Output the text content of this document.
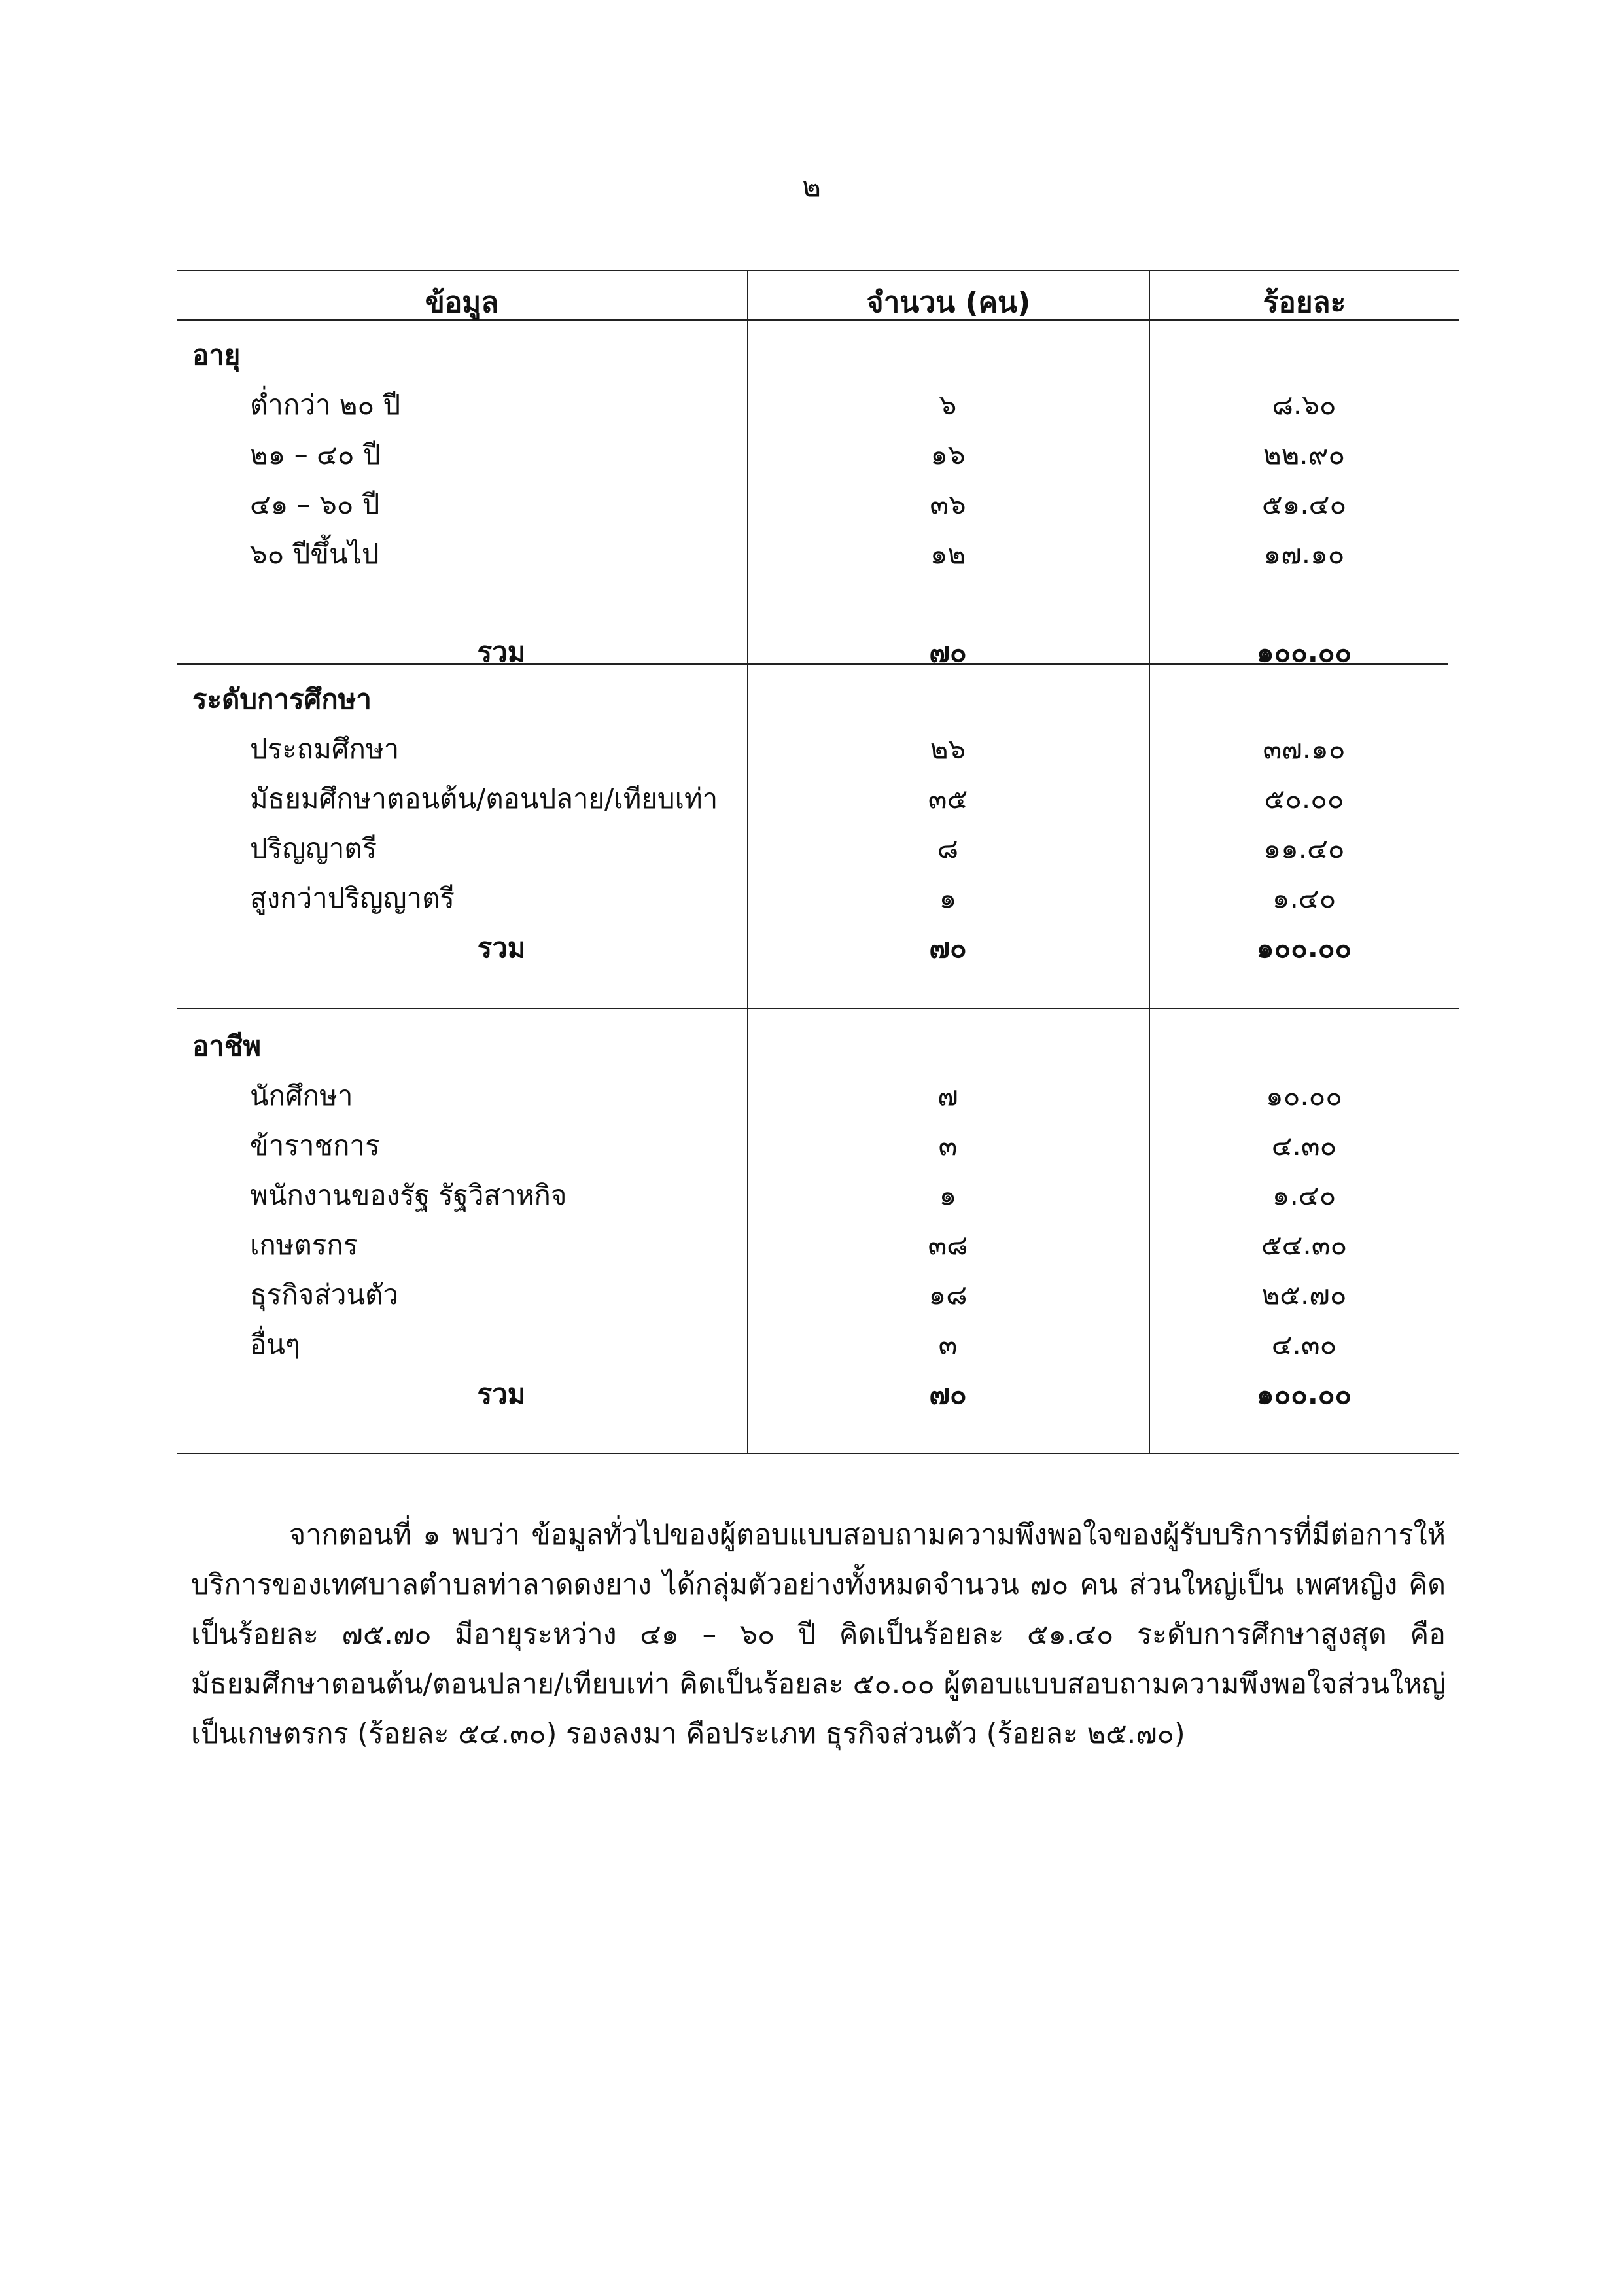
๒
ข้อมูล	จำนวน (คน)	ร้อยละ
อายุ
ต่ำกว่า ๒๐ ปี	๖	๘.๖๐
๒๑ – ๔๐ ปี	๑๖	๒๒.๙๐
๔๑ – ๖๐ ปี	๓๖	๕๑.๔๐
๖๐ ปีขึ้นไป	๑๒	๑๗.๑๐
รวม	๗๐	๑๐๐.๐๐
ระดับการศึกษา
ประถมศึกษา	๒๖	๓๗.๑๐
มัธยมศึกษาตอนต้น/ตอนปลาย/เทียบเท่า	๓๕	๕๐.๐๐
ปริญญาตรี	๘	๑๑.๔๐
สูงกว่าปริญญาตรี	๑	๑.๔๐
รวม	๗๐	๑๐๐.๐๐
อาชีพ
นักศึกษา	๗	๑๐.๐๐
ข้าราชการ	๓	๔.๓๐
พนักงานของรัฐ รัฐวิสาหกิจ	๑	๑.๔๐
เกษตรกร	๓๘	๕๔.๓๐
ธุรกิจส่วนตัว	๑๘	๒๕.๗๐
อื่นๆ	๓	๔.๓๐
รวม	๗๐	๑๐๐.๐๐
จากตอนที่ ๑ พบว่า ข้อมูลทั่วไปของผู้ตอบแบบสอบถามความพึงพอใจของผู้รับบริการที่มีต่อการให้บริการของเทศบาลตำบลท่าลาดดงยาง ได้กลุ่มตัวอย่างทั้งหมดจำนวน ๗๐ คน ส่วนใหญ่เป็น เพศหญิง คิดเป็นร้อยละ ๗๕.๗๐ มีอายุระหว่าง ๔๑ – ๖๐ ปี คิดเป็นร้อยละ ๕๑.๔๐ ระดับการศึกษาสูงสุด คือ มัธยมศึกษาตอนต้น/ตอนปลาย/เทียบเท่า คิดเป็นร้อยละ ๕๐.๐๐ ผู้ตอบแบบสอบถามความพึงพอใจส่วนใหญ่เป็นเกษตรกร (ร้อยละ ๕๔.๓๐) รองลงมา คือประเภท ธุรกิจส่วนตัว (ร้อยละ ๒๕.๗๐)
